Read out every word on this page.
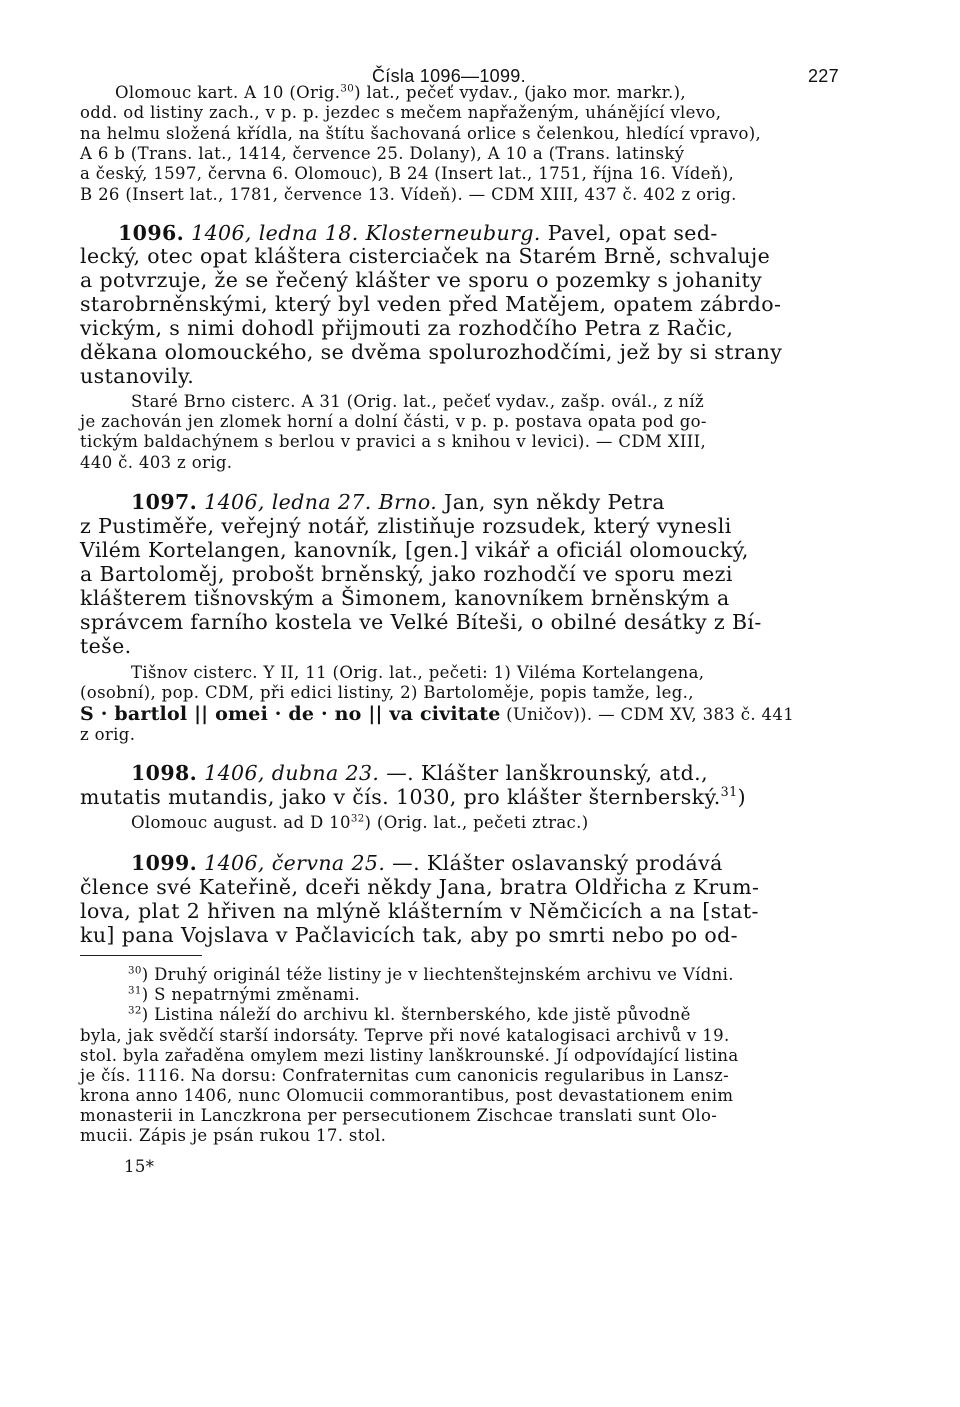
Čísla 1096—1099.	227
Olomouc kart. A 10 (Orig.$^{30}$) lat., pečeť vydav., (jako mor. markr.),
odd. od listiny zach., v p. p. jezdec s mečem napřaženým, uhánějící vlevo,
na helmu složená křídla, na štítu šachovaná orlice s čelenkou, hledící vpravo),
A 6 b (Trans. lat., 1414, července 25. Dolany), A 10 a (Trans. latinský
a český, 1597, června 6. Olomouc), B 24 (Insert lat., 1751, října 16. Vídeň),
B 26 (Insert lat., 1781, července 13. Vídeň). — CDM XIII, 437 č. 402 z orig.
1096. 1406, ledna 18. Klosterneuburg. Pavel, opat sed-
lecký, otec opat kláštera cisterciaček na Starém Brně, schvaluje
a potvrzuje, že se řečený klášter ve sporu o pozemky s johanity
starobrněnskými, který byl veden před Matějem, opatem zábrdo-
vickým, s nimi dohodl přijmouti za rozhodčího Petra z Račic,
děkana olomouckého, se dvěma spolurozhodčími, jež by si strany
ustanovily.
Staré Brno cisterc. A 31 (Orig. lat., pečeť vydav., zašp. ovál., z níž
je zachován jen zlomek horní a dolní části, v p. p. postava opata pod go-
tickým baldachýnem s berlou v pravici a s knihou v levici). — CDM XIII,
440 č. 403 z orig.
1097. 1406, ledna 27. Brno. Jan, syn někdy Petra
z Pustiměře, veřejný notář, zlistiňuje rozsudek, který vynesli
Vilém Kortelangen, kanovník, [gen.] vikář a oficiál olomoucký,
a Bartoloměj, probošt brněnský, jako rozhodčí ve sporu mezi
klášterem tišnovským a Šimonem, kanovníkem brněnským a
správcem farního kostela ve Velké Bíteši, o obilné desátky z Bí-
teše.
Tišnov cisterc. Y II, 11 (Orig. lat., pečeti: 1) Viléma Kortelangena,
(osobní), pop. CDM, při edici listiny, 2) Bartoloměje, popis tamže, leg.,
S · bartlol || omei · de · no || va civitate (Uničov)). — CDM XV, 383 č. 441
z orig.
1098. 1406, dubna 23. —. Klášter lanškrounský, atd.,
mutatis mutandis, jako v čís. 1030, pro klášter šternberský.$^{31}$)
Olomouc august. ad D $10^{32}$) (Orig. lat., pečeti ztrac.)
1099. 1406, června 25. —. Klášter oslavanský prodává
člence své Kateřině, dceři někdy Jana, bratra Oldřicha z Krum-
lova, plat 2 hřiven na mlýně klášterním v Němčicích a na [stat-
ku] pana Vojslava v Pačlavicích tak, aby po smrti nebo po od-
$^{30}$) Druhý originál téže listiny je v liechtenštejnském archivu ve Vídni.
$^{31}$) S nepatrnými změnami.
$^{32}$) Listina náleží do archivu kl. šternberského, kde jistě původně
byla, jak svědčí starší indorsáty. Teprve při nové katalogisaci archivů v 19.
stol. byla zařaděna omylem mezi listiny lanškrounské. Jí odpovídající listina
je čís. 1116. Na dorsu: Confraternitas cum canonicis regularibus in Lansz-
krona anno 1406, nunc Olomucii commorantibus, post devastationem enim
monasterii in Lanczkrona per persecutionem Zischcae translati sunt Olo-
mucii. Zápis je psán rukou 17. stol.
15*
